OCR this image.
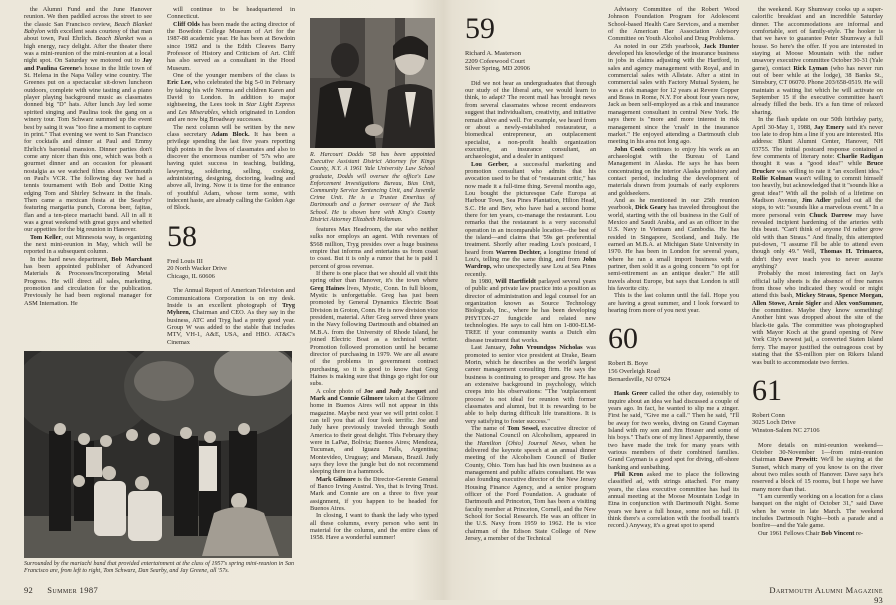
the Alumni Fund and the June Hanover reunion. We then paddled across the street to see the classic San Francisco review, Beach Blanket Babylon with excellent seats courtesy of that man about town, Paul Ehrlich. Beach Blanket was a high energy, racy delight. After the theater there was a mini-reunion of the mini-reunion at a local night spot. On Saturday we motored out to Jay and Paulina Greene's house in the little town of St. Helena in the Napa Valley wine country. The Greenes put on a spectacular sit-down luncheon outdoors, complete with wine tasting and a piano player playing background music as classmates donned big "D" hats. After lunch Jay led some spirited singing and Paulina took the gang on a winery tour. Tom Schwarz summed up the event best by saing it was "too fine a moment to capture in print." That evening we went to San Francisco for cocktails and dinner at Paul and Emmy Ehrlich's baronial mansion. Dinner parties don't come any nicer than this one, which was both a gourmet dinner and an occasion for pleasant nostalgia as we watched films about Dartmouth on Paul's VCR. The following day we had a tennis tournament with Bob and Dottie King edging Tom and Shirley Schwarz in the finals. Then came a mexican fiesta at the Searbys' featuring margarita punch, Corona beer, fajitas, flan and a ten-piece mariachi band. All in all it was a great weekend with great guys and whetted our appetites for the big reunion in Hanover.

Tom Keller, out Minnesota way, is organizing the next mini-reunion in May, which will be reported in a subsequent column.

In the hard news department, Bob Marchant has been appointed publisher of Advanced Materials & Processes/Incorporating Metal Progress. He will direct all sales, marketing, promotion and circulation for the publication. Previously he had been regional manager for ASM Internation. He

will continue to be headquartered in Connecticut.

Cliff Olds has been made the acting director of the Bowdoin College Museum of Art for the 1987-88 academic year. He has been at Bowdoin since 1982 and is the Edith Cleaves Barry Professor of History and Criticism of Art. Cliff has also served as a consultant in the Hood Museum.

One of the younger members of the class is Eric Lee, who celebrated the big 5-0 in February by taking his wife Norma and children Karen and David to London. In addition to major sightseeing, the Lees took in Star Light Express and Les Miserables, which originated in London and are now big Broadway successes.

The next column will be written by the new class secretary Adam Block. It has been a privilege spending the last five years reporting high points in the lives of classmates and also to discover the enormous number of '57s who are having quiet success in teaching, building, lawyering, soldiering, selling, cooking, administering, designing, doctoring, leading and above all, living. Now it is time for the entrance of youthful Adam, whose term some, with indecent haste, are already calling the Golden Age of Block.

58
Fred Louis III
20 North Wacker Drive
Chicago, IL 60606

The Annual Report of American Television and Communications Corporation is on my desk. Inside is an excellent photograph of Tryg Myhren, Chairman and CEO. As they say in the business, ATC and Tryg had a pretty good year. Group W was added to the stable that includes MTV, VH-1, A&E, USA, and HBO. AT&C's Cinemax

R. Harcourt Dodds '58 has been appointed Executive Assistant District Attorney for Kings County, N.Y. A 1961 Yale University Law School graduate, Dodds will oversee the office's Law Enforcement Investigations Bureau, Bias Unit, Community Service Sentencing Unit, and Juvenile Crime Unit. He is a Trustee Emeritus of Dartmouth and a former overseer of the Tuck School. He is shown here with King's County District Attorney Elizabeth Holtzman.

features Max Headroom, the star who neither sulks nor employs an agent. With revenues of $568 million, Tryg presides over a huge business empire that informs and entertains us from coast to coast. But it is only a rumor that he is paid 1 percent of gross revenue.

If there is one place that we should all visit this spring other than Hanover, it's the town where Greg Haines lives, Mystic, Conn. In full bloom, Mystic is unforgettable. Greg has just been promoted by General Dynamics Electric Boat Division in Groton, Conn. He is now division vice president, material. After Greg served three years in the Navy following Dartmouth and obtained an M.B.A. from the University of Rhode Island, he joined Electric Boat as a technical writer. Promotion followed promotion until he became director of purchasing in 1979. We are all aware of the problems in government contract purchasing, so it is good to know that Greg Haines is making sure that things go right for our subs.

A color photo of Joe and Judy Jacquet and Mark and Connie Gilmore taken at the Gilmore home in Buenos Aires will not appear in this magazine. Maybe next year we will print color. I can tell you that all four look terrific. Joe and Judy have previously traveled through South America to their great delight. This February they were in LaPaz, Bolivia; Buenos Aires; Mendoza, Tucuman, and Iguazu Falls, Argentina; Montevideo, Uruguay; and Manaus, Brazil. Judy says they love the jungle but do not recommend sleeping there in a hammock.

Mark Gilmore is the Director-Gerente General of Banco Irving Austral. Yes, that is Irving Trust. Mark and Connie are on a three to five year assignment, if you happen to be headed for Buenos Aires.

In closing, I want to thank the lady who typed all these columns, every person who sent in material for the column, and the entire class of 1958. Have a wonderful summer!

Surrounded by the mariachi band that provided entertainment at the class of 1957's spring mini-reunion in San Francisco are, from left to right, Tom Schwarz, Dan Searby, and Jay Greene, all '57s.
92 Summer 1987
59
Richard A. Masterson
2209 Cofeewood Court
Silver Spring, MD 20906

Did we not hear as undergraduates that through our study of the liberal arts, we would learn to think, to adapt? The recent mail has brought news from several classmates whose recent endeavors suggest that individualism, creativity, and initiative remain alive and well. For example, we heard from or about a newly-established restaurateur, a biomedical entrepreneur, an outplacement specialist, a non-profit health organization executive, an insurance consultant, an archaeologist, and a dealer in antiques!

Lou Gerber, a successful marketing and promotion consultant who admits that his avocation used to be that of "restaurant critic," has now made it a full-time thing. Several months ago, Lou bought the picturesque Cafe Europa at Harbour Town, Sea Pines Plantation, Hilton Head, S.C. He and Bev, who have had a second home there for ten years, co-manage the restaurant. Lou remarks that the restaurant is a very successful operation in an incomparable location—the best of the island—and claims that '59s get preferential treatment. Shortly after reading Lou's postcard, I heard from Warren Dechter, a longtime friend of Lou's, telling me the same thing, and from John Wardrop, who unexpectedly saw Lou at Sea Pines recently.

In 1980, Will Hartfieldt parlayed several years of public and private law practice into a position as director of administration and legal counsel for an organization known as Source Technology Biologicals, Inc., where he has been developing PHYTON-27 fungicide and related new technologies. He says to call him on 1-800-ELM-TREE if your community wants a Dutch elm disease treatment that works.

Last January, John Vroundgos Nicholas was promoted to senior vice president at Drake, Beam Morin, which he describes as the world's largest career management consulting firm. He says the business is continuing to prosper and grow. He has an extensive background in psychology, which creeps into his observations: "The 'outplacement process' is not ideal for reunion with former classmates and alumni, but it is rewarding to be able to help during difficult life transitions. It is very satisfying to foster success."

The name of Tom Sessel, executive director of the National Council on Alcoholism, appeared in the Hamilton [Ohio] Journal News, when he delivered the keynote speech at an annual dinner meeting of the Alcoholism Council of Butler County, Ohio. Tom has had his own business as a management and public affairs consultant. He was also founding executive director of the New Jersey Housing Finance Agency, and a senior program officer of the Ford Foundation. A graduate of Dartmouth and Princeton, Tom has been a visiting faculty member at Princeton, Cornell, and the New School for Social Research. He was an officer in the U.S. Navy from 1959 to 1962. He is vice chairman of the Edison State College of New Jersey, a member of the Technical

Advisory Committee of the Robert Wood Johnson Foundation Program for Adolescent School-based Health Care Services, and a member of the American Bar Association Advisory Committee on Youth Alcohol and Drug Problems.

As noted in our 25th yearbook, Jack Hunter developed his knowledge of the insurance business in jobs in claims adjusting with the Hartford, in sales and agency management with Royal, and in commercial sales with Allstate. After a stint in commercial sales with Factory Mutual System, he was a risk manager for 12 years at Revere Copper and Brass in Rome, N.Y. For about four years now, Jack as been self-employed as a risk and insurance management consultant in central New York. He says there is "more and more interest in risk management since the 'crash' in the insurance market." He enjoyed attending a Dartmouth club meeting in his area not long ago.

John Cook continues to enjoy his work as an archaeologist with the Bureau of Land Management in Alaska. He says he has been concentrating on the interior Alaska prehistory and contact period, including the development of materials drawn from journals of early explorers and goldseekers.

And as he mentioned in our 25th reunion yearbook, Dick Geary has traveled throughout the world, starting with the oil business in the Gulf of Mexico and Saudi Arabia, and as an officer in the U.S. Navy in Vietnam and Cambodia. He has resided in Singapore, Scotland, and Italy. He earned an M.B.A. at Michigan State University in 1970. He has been in London for several years, where he ran a small import business with a partner, then sold it as a going concern "to opt for semi-retirement as an antique dealer." He still travels about Europe, but says that London is still his favorite city.

This is the last column until the fall. Hope you are having a great summer, and I look forward to hearing from more of you next year.

60
Robert B. Boye
156 Overleigh Road
Bernardsville, NJ 07924

Hank Greer called the other day, ostensibly to inquire about an idea we had discussed a couple of years ago. In fact, he wanted to slip me a zinger. First he said, "Give me a call." Then he said, "I'll be away for two weeks, diving on Grand Cayman Island with my son and Jim Houser and some of his boys." That's one of my lines! Apparently, these two have made the trek for many years with various members of their combined families. Grand Cayman is a good spot for diving, off-shore banking and sunbathing.

Phil Kron asked me to place the following classified ad, with strings attached. For many years, the class executive committee has had its annual meeting at the Moose Mountain Lodge in Etna in conjunction with Dartmouth Night. Some years we have a full house, some not so full. (I think there's a correlation with the football team's record.) Anyway, it's a great spot to spend

the weekend. Kay Shumway cooks up a super-calorific breakfast and an incredible Saturday dinner. The accommodations are informal and comfortable, sort of family-style. The hooker is that we have to guarantee Peter Shumway a full house. So here's the offer. If you are interested in staying at Moose Mountain with the rather unsavory executive committee October 30-31 (Yale game), contact Rick Lyman (who has never run out of beer while at the lodge), 38 Banks St., Simsbury, CT 06070. Phone 203/658-0519. He will maintain a waiting list which he will activate on September 15 if the executive committee hasn't already filled the beds. It's a fun time of relaxed sharing.

In the flash update on our 50th birthday party, April 30-May 1, 1988, Jay Emery said it's never too late to drop him a line if you are interested. His address: Blunt Alumni Center, Hanover, NH 03755. The initial postcard response contained a few comments of literary note: Charlie Radigan thought it was a "good idea!" while Bruce Drucker was willing to rate it "an excellent idea." Rollie Kolman wasn't willing to commit himself too heavily, but acknowledged that it "sounds like a great idea!" With all the polish of a lifetime on Madison Avenue, Jim Adler pulled out all the stops, to wit: "sounds like a marvelous event." In a more personal vein Chuck Darrow may have revealed incipient hardening of the arteries with this beaut. "Can't think of anyone I'd rather grow old with than Straus." And finally, this attempted put-down, "I assume I'll be able to attend even though only 49." Well, Thomas H. Trimarco, didn't they ever teach you to never assume anything?

Probably the most interesting fact on Jay's official tally sheets is the absence of free names from those who indicated they would or might attend this bash, Mickey Straus, Spence Morgan, Allen Stowe, Arnie Sigler and Alex vonSummer, the committee. Maybe they know something! Another hint was dropped about the site of the black-tie gala. The committee was photographed with Mayor Koch at the grand opening of New York City's newest jail, a converted Staten Island ferry. The mayor justified the outrageous cost by stating that the $3-million pier on Rikers Island was built to accommodate two ferries.

61
Robert Conn
3025 Loch Drive
Winston-Salem NC 27106

More details on mini-reunion weekend—October 30-November 1—from mini-reunion chairman Dave Prewitt: We'll be staying at the Sunset, which many of you know is on the river about two miles south of Hanover. Dave says he's reserved a block of 15 rooms, but I hope we have many more than that.

"I am currently working on a location for a class banquet on the night of October 31," said Dave when he wrote in late March. The weekend includes Dartmouth Night—both a parade and a bonfire—and the Yale game.

Our 1961 Fellows Chair Bob Vincent re-

Dartmouth Alumni Magazine 93
